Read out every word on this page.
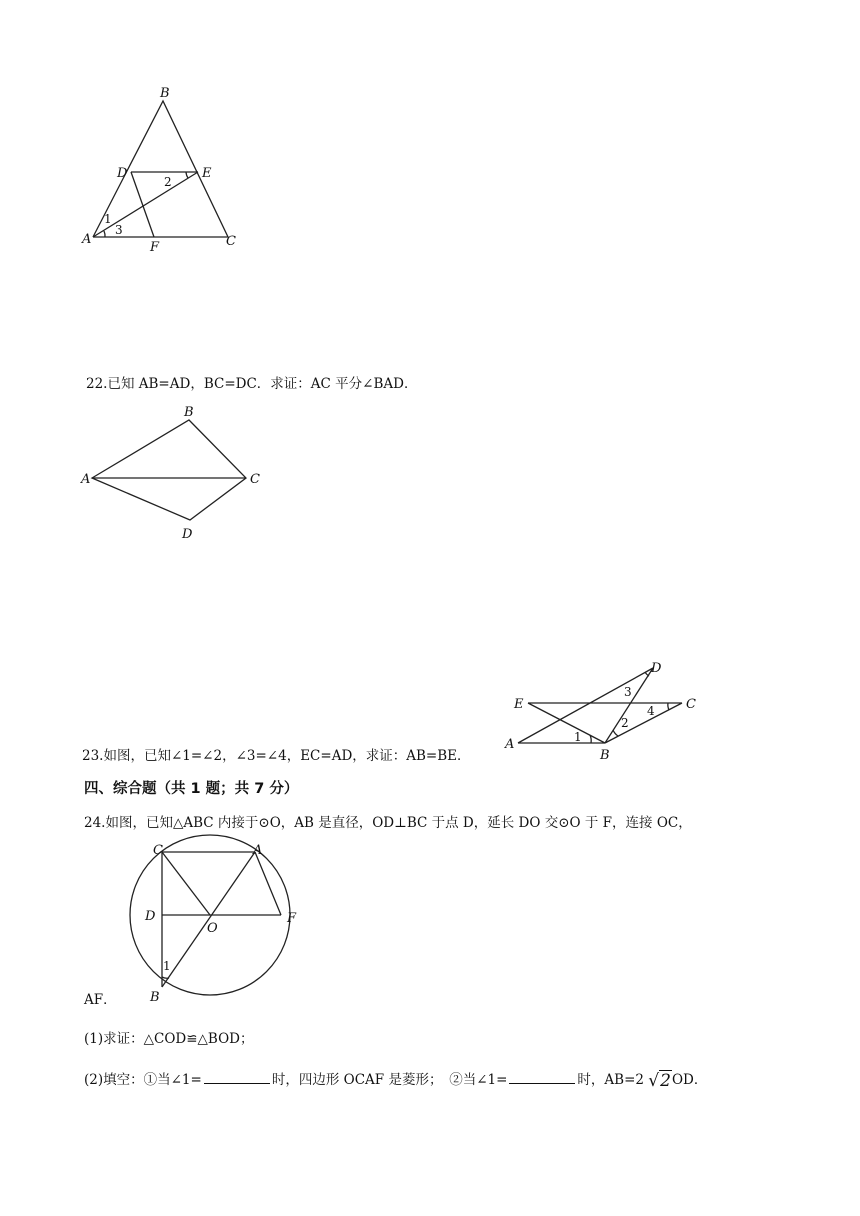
B
D	E
A
F	C
2
1
3
22.已知 AB=AD，BC=DC．求证：AC 平分∠BAD．
B
A	C
D
D
E	C
A
B
3
4
2
1
23.如图，已知∠1=∠2，∠3=∠4，EC=AD，求证：AB=BE．
四、综合题（共 1 题；共 7 分）
24.如图，已知△ABC 内接于⊙O，AB 是直径，OD⊥BC 于点 D，延长 DO 交⊙O 于 F，连接 OC，
C	A
D
O
F
1
B
AF．
(1)求证：△COD≌△BOD；
(2)填空：①当∠1=	时，四边形 OCAF 是菱形；　②当∠1=	时，AB=2 √2OD．
